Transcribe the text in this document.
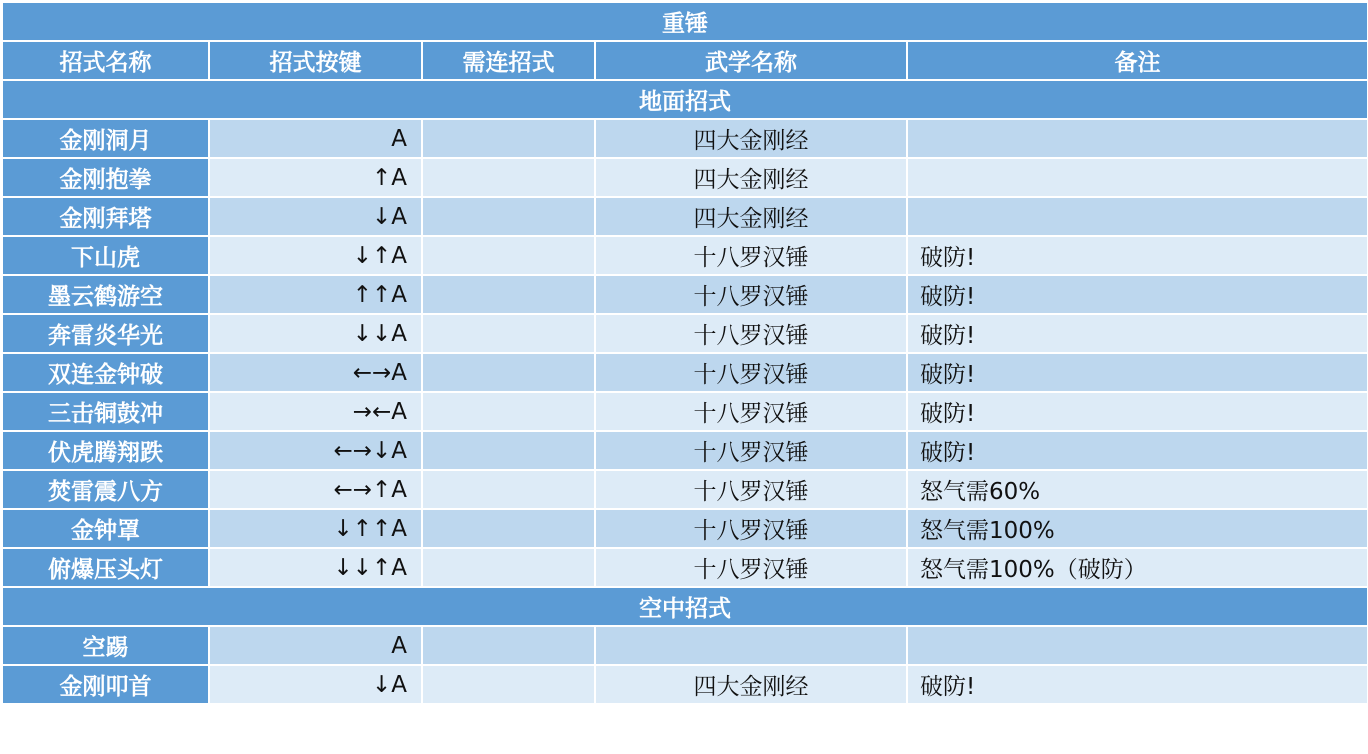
重锤				
招式名称	招式按键	需连招式	武学名称	备注
地面招式				
金刚洞月	A		四大金刚经	
金刚抱拳	↑A		四大金刚经	
金刚拜塔	↓A		四大金刚经	
下山虎	↓↑A		十八罗汉锤	破防!
墨云鹤游空	↑↑A		十八罗汉锤	破防!
奔雷炎华光	↓↓A		十八罗汉锤	破防!
双连金钟破	←→A		十八罗汉锤	破防!
三击铜鼓冲	→←A		十八罗汉锤	破防!
伏虎腾翔跌	←→↓A		十八罗汉锤	破防!
焚雷震八方	←→↑A		十八罗汉锤	怒气需60%
金钟罩	↓↑↑A		十八罗汉锤	怒气需100%
俯爆压头灯	↓↓↑A		十八罗汉锤	怒气需100%（破防）
空中招式				
空踢	A			
金刚叩首	↓A		四大金刚经	破防!
